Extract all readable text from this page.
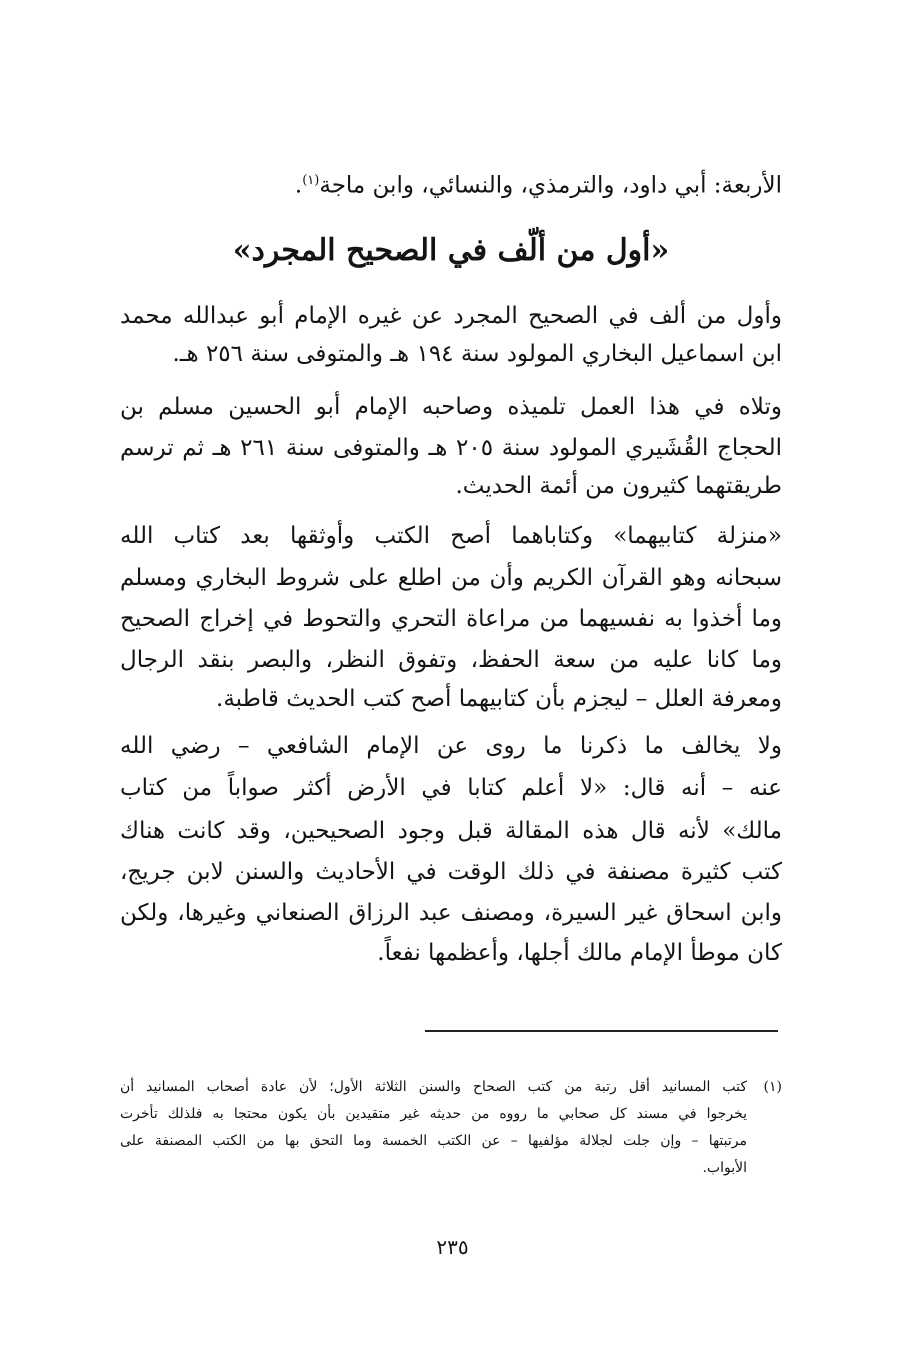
الأربعة: أبي داود، والترمذي، والنسائي، وابن ماجة$^{(١)}$.
«أول من ألّف في الصحيح المجرد»
وأول من ألف في الصحيح المجرد عن غيره الإمام أبو عبدالله محمد
ابن اسماعيل البخاري المولود سنة ١٩٤ هـ والمتوفى سنة ٢٥٦ هـ.
وتلاه في هذا العمل تلميذه وصاحبه الإمام أبو الحسين مسلم بن
الحجاج القُشَيري المولود سنة ٢٠٥ هـ والمتوفى سنة ٢٦١ هـ ثم ترسم
طريقتهما كثيرون من أئمة الحديث.
«منزلة كتابيهما» وكتاباهما أصح الكتب وأوثقها بعد كتاب الله
سبحانه وهو القرآن الكريم وأن من اطلع على شروط البخاري ومسلم
وما أخذوا به نفسيهما من مراعاة التحري والتحوط في إخراج الصحيح
وما كانا عليه من سعة الحفظ، وتفوق النظر، والبصر بنقد الرجال
ومعرفة العلل – ليجزم بأن كتابيهما أصح كتب الحديث قاطبة.
ولا يخالف ما ذكرنا ما روى عن الإمام الشافعي – رضي الله
عنه – أنه قال: «لا أعلم كتابا في الأرض أكثر صواباً من كتاب
مالك» لأنه قال هذه المقالة قبل وجود الصحيحين، وقد كانت هناك
كتب كثيرة مصنفة في ذلك الوقت في الأحاديث والسنن لابن جريج،
وابن اسحاق غير السيرة، ومصنف عبد الرزاق الصنعاني وغيرها، ولكن
كان موطأ الإمام مالك أجلها، وأعظمها نفعاً.
(١)
كتب المسانيد أقل رتبة من كتب الصحاح والسنن الثلاثة الأول؛ لأن عادة أصحاب المسانيد أن
يخرجوا في مسند كل صحابي ما رووه من حديثه غير متقيدين بأن يكون محتجا به فلذلك تأخرت
مرتبتها – وإن جلت لجلالة مؤلفيها – عن الكتب الخمسة وما التحق بها من الكتب المصنفة على
الأبواب.
٢٣٥
